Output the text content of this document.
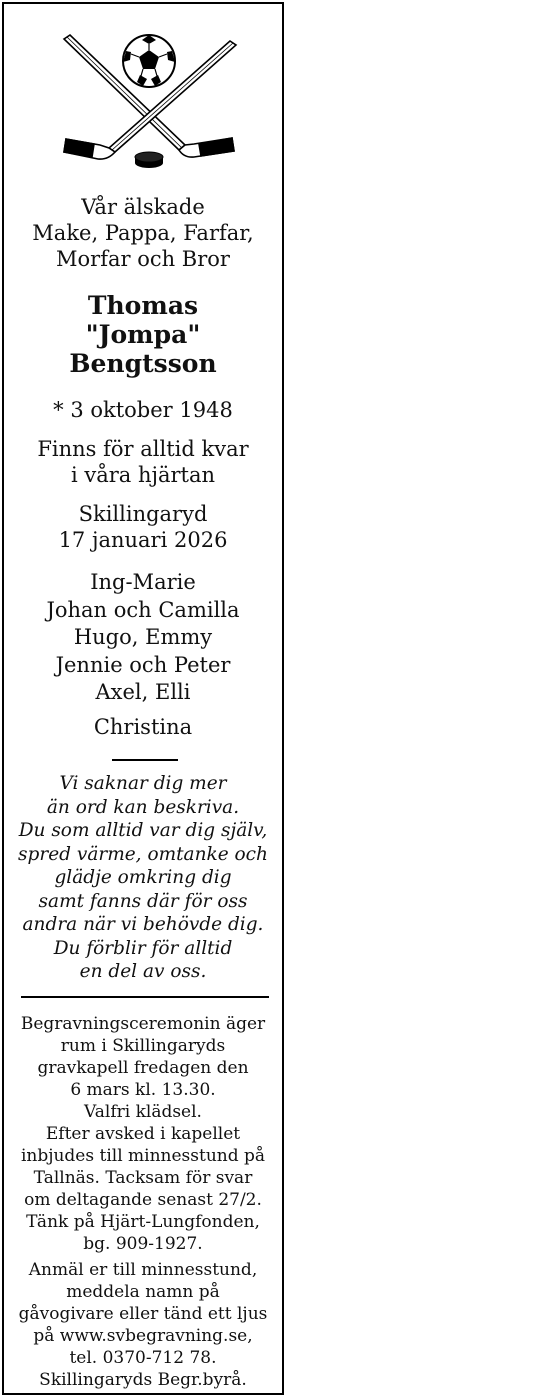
Vår älskade
Make, Pappa, Farfar,
Morfar och Bror
Thomas
"Jompa"
Bengtsson
* 3 oktober 1948
Finns för alltid kvar
i våra hjärtan
Skillingaryd
17 januari 2026
Ing-Marie
Johan och Camilla
Hugo, Emmy
Jennie och Peter
Axel, Elli
Christina
Vi saknar dig mer
än ord kan beskriva.
Du som alltid var dig själv,
spred värme, omtanke och
glädje omkring dig
samt fanns där för oss
andra när vi behövde dig.
Du förblir för alltid
en del av oss.
Begravningsceremonin äger
rum i Skillingaryds
gravkapell fredagen den
6 mars kl. 13.30.
Valfri klädsel.
Efter avsked i kapellet
inbjudes till minnesstund på
Tallnäs. Tacksam för svar
om deltagande senast 27/2.
Tänk på Hjärt-Lungfonden,
bg. 909-1927.
Anmäl er till minnesstund,
meddela namn på
gåvogivare eller tänd ett ljus
på www.svbegravning.se,
tel. 0370-712 78.
Skillingaryds Begr.byrå.
